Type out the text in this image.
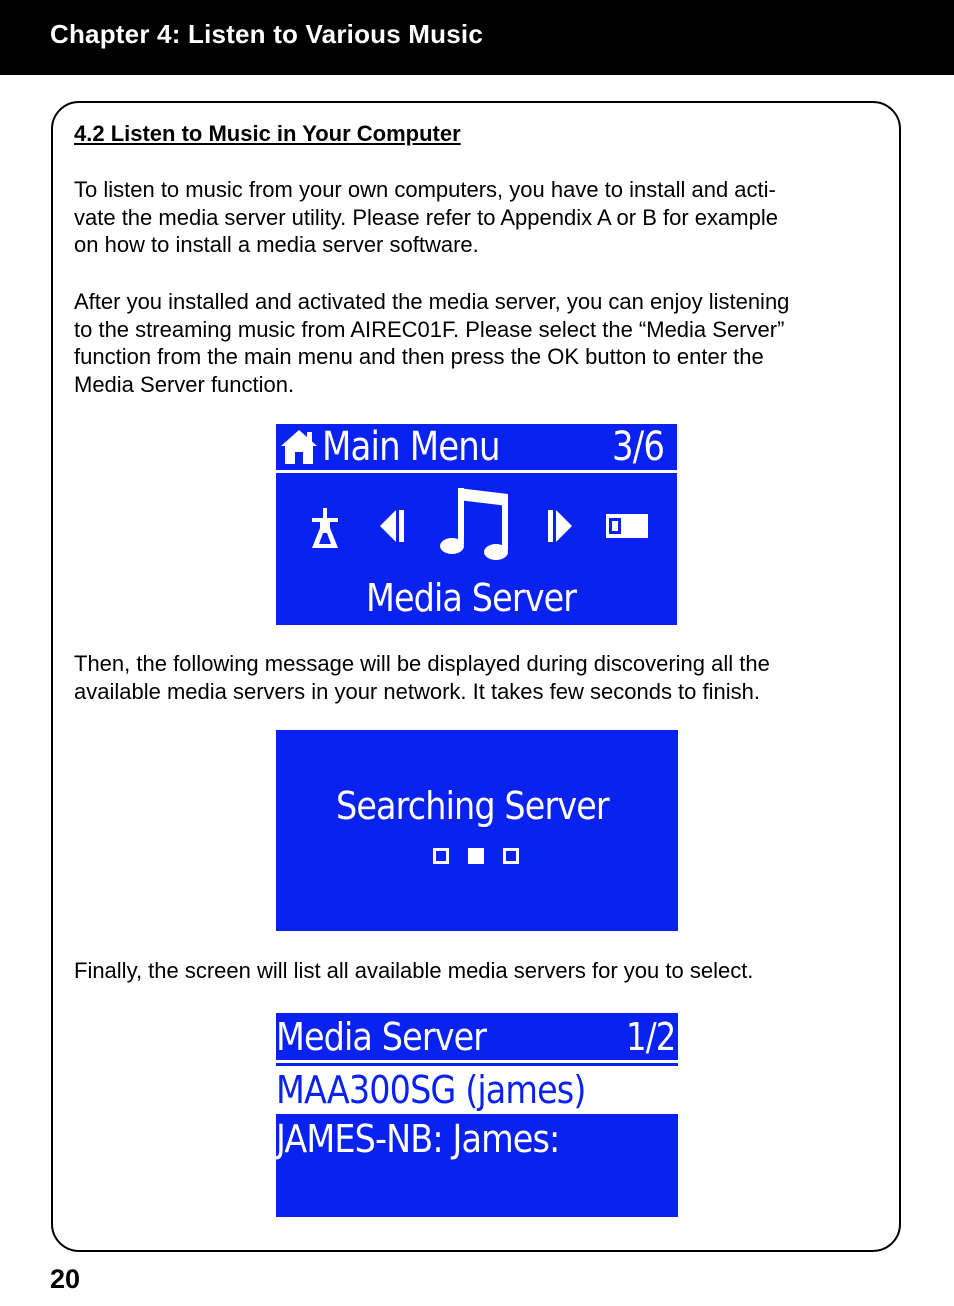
Chapter 4: Listen to Various Music
4.2 Listen to Music in Your Computer

To listen to music from your own computers, you have to install and acti-
vate the media server utility. Please refer to Appendix A or B for example
on how to install a media server software.

After you installed and activated the media server, you can enjoy listening
to the streaming music from AIREC01F. Please select the “Media Server”
function from the main menu and then press the OK button to enter the
Media Server function.

Main Menu	3/6
Media Server

Then, the following message will be displayed during discovering all the
available media servers in your network. It takes few seconds to finish.

Searching Server

Finally, the screen will list all available media servers for you to select.

Media Server	1/2
MAA300SG (james)
JAMES-NB: James:
20
